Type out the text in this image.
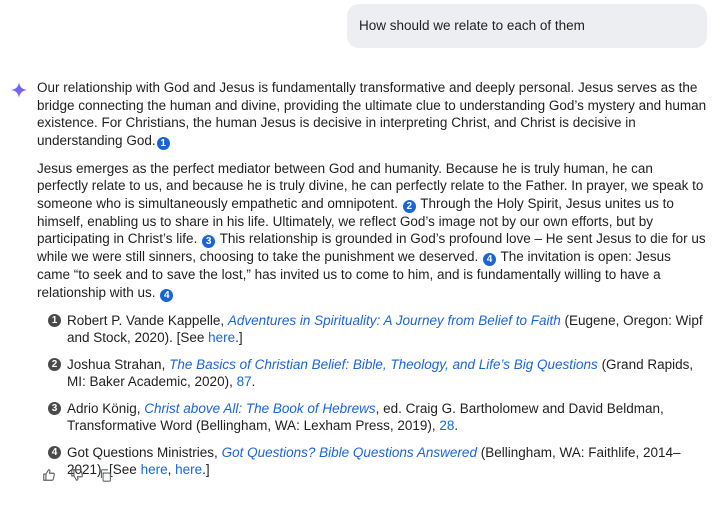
How should we relate to each of them

Our relationship with God and Jesus is fundamentally transformative and deeply personal. Jesus serves as the bridge connecting the human and divine, providing the ultimate clue to understanding God’s mystery and human existence. For Christians, the human Jesus is decisive in interpreting Christ, and Christ is decisive in understanding God. 1

Jesus emerges as the perfect mediator between God and humanity. Because he is truly human, he can perfectly relate to us, and because he is truly divine, he can perfectly relate to the Father. In prayer, we speak to someone who is simultaneously empathetic and omnipotent. 2 Through the Holy Spirit, Jesus unites us to himself, enabling us to share in his life. Ultimately, we reflect God’s image not by our own efforts, but by participating in Christ’s life. 3 This relationship is grounded in God’s profound love – He sent Jesus to die for us while we were still sinners, choosing to take the punishment we deserved. 4 The invitation is open: Jesus came “to seek and to save the lost,” has invited us to come to him, and is fundamentally willing to have a relationship with us. 4

1 Robert P. Vande Kappelle, Adventures in Spirituality: A Journey from Belief to Faith (Eugene, Oregon: Wipf and Stock, 2020). [See here.]
2 Joshua Strahan, The Basics of Christian Belief: Bible, Theology, and Life’s Big Questions (Grand Rapids, MI: Baker Academic, 2020), 87.
3 Adrio König, Christ above All: The Book of Hebrews, ed. Craig G. Bartholomew and David Beldman, Transformative Word (Bellingham, WA: Lexham Press, 2019), 28.
4 Got Questions Ministries, Got Questions? Bible Questions Answered (Bellingham, WA: Faithlife, 2014–2021). [See here, here.]
